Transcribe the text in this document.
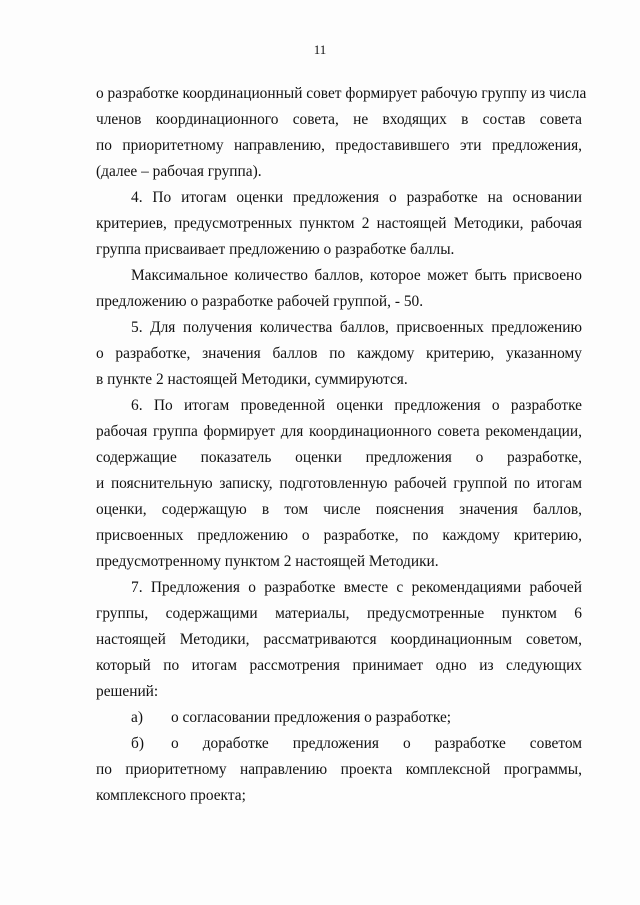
11
о разработке координационный совет формирует рабочую группу из числа
членов координационного совета, не входящих в состав совета
по приоритетному направлению, предоставившего эти предложения,
(далее – рабочая группа).
4. По итогам оценки предложения о разработке на основании
критериев, предусмотренных пунктом 2 настоящей Методики, рабочая
группа присваивает предложению о разработке баллы.
Максимальное количество баллов, которое может быть присвоено
предложению о разработке рабочей группой, - 50.
5. Для получения количества баллов, присвоенных предложению
о разработке, значения баллов по каждому критерию, указанному
в пункте 2 настоящей Методики, суммируются.
6. По итогам проведенной оценки предложения о разработке
рабочая группа формирует для координационного совета рекомендации,
содержащие показатель оценки предложения о разработке,
и пояснительную записку, подготовленную рабочей группой по итогам
оценки, содержащую в том числе пояснения значения баллов,
присвоенных предложению о разработке, по каждому критерию,
предусмотренному пунктом 2 настоящей Методики.
7. Предложения о разработке вместе с рекомендациями рабочей
группы, содержащими материалы, предусмотренные пунктом 6
настоящей Методики, рассматриваются координационным советом,
который по итогам рассмотрения принимает одно из следующих
решений:
а)	о согласовании предложения о разработке;
б)	о доработке предложения о разработке советом
по приоритетному направлению проекта комплексной программы,
комплексного проекта;
